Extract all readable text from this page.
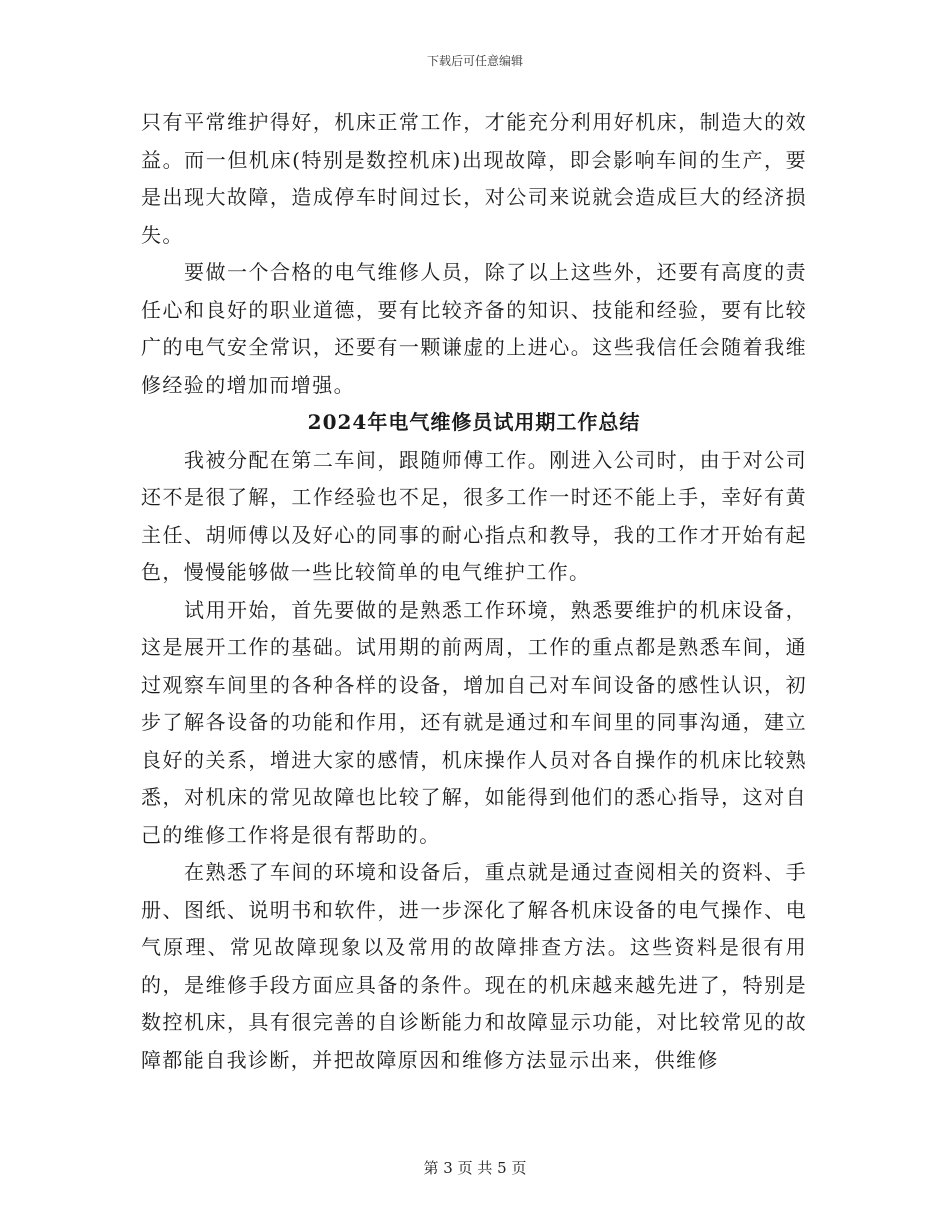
下载后可任意编辑

只有平常维护得好，机床正常工作，才能充分利用好机床，制造大的效益。而一但机床(特别是数控机床)出现故障，即会影响车间的生产，要是出现大故障，造成停车时间过长，对公司来说就会造成巨大的经济损失。

要做一个合格的电气维修人员，除了以上这些外，还要有高度的责任心和良好的职业道德，要有比较齐备的知识、技能和经验，要有比较广的电气安全常识，还要有一颗谦虚的上进心。这些我信任会随着我维修经验的增加而增强。

2024年电气维修员试用期工作总结

我被分配在第二车间，跟随师傅工作。刚进入公司时，由于对公司还不是很了解，工作经验也不足，很多工作一时还不能上手，幸好有黄主任、胡师傅以及好心的同事的耐心指点和教导，我的工作才开始有起色，慢慢能够做一些比较简单的电气维护工作。

试用开始，首先要做的是熟悉工作环境，熟悉要维护的机床设备，这是展开工作的基础。试用期的前两周，工作的重点都是熟悉车间，通过观察车间里的各种各样的设备，增加自己对车间设备的感性认识，初步了解各设备的功能和作用，还有就是通过和车间里的同事沟通，建立良好的关系，增进大家的感情，机床操作人员对各自操作的机床比较熟悉，对机床的常见故障也比较了解，如能得到他们的悉心指导，这对自己的维修工作将是很有帮助的。

在熟悉了车间的环境和设备后，重点就是通过查阅相关的资料、手册、图纸、说明书和软件，进一步深化了解各机床设备的电气操作、电气原理、常见故障现象以及常用的故障排查方法。这些资料是很有用的，是维修手段方面应具备的条件。现在的机床越来越先进了，特别是数控机床，具有很完善的自诊断能力和故障显示功能，对比较常见的故障都能自我诊断，并把故障原因和维修方法显示出来，供维修

第 3 页 共 5 页
